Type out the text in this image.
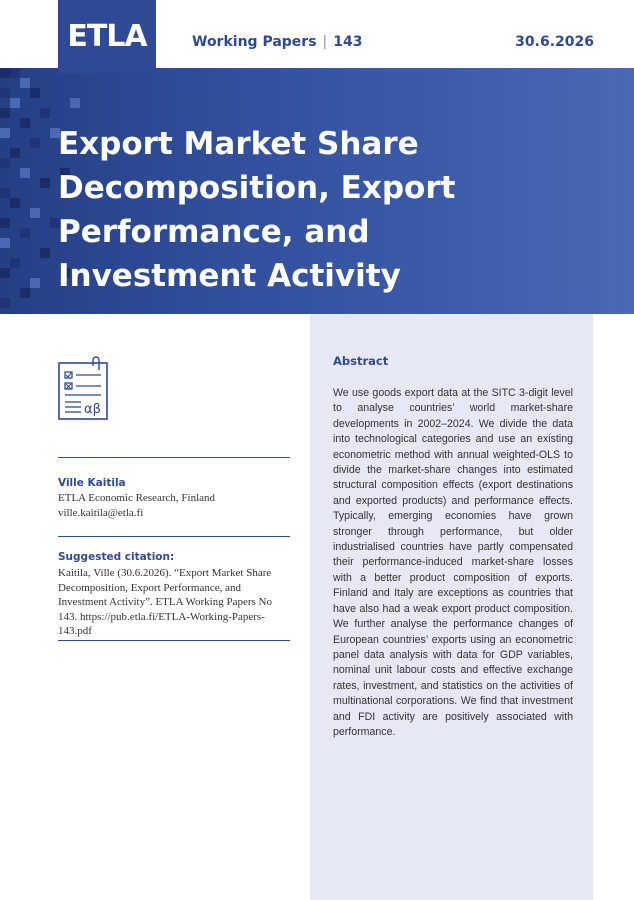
ETLA	Working Papers | 143	30.6.2026
Export Market Share Decomposition, Export Performance, and Investment Activity
Abstract

We use goods export data at the SITC 3-digit level to analyse countries’ world market-share developments in 2002–2024. We divide the data into technological categories and use an existing econometric method with annual weighted-OLS to divide the market-share changes into estimated structural composition effects (export destinations and exported products) and performance effects. Typically, emerging economies have grown stronger through performance, but older industrialised countries have partly compensated their performance-induced market-share losses with a better product composition of exports. Finland and Italy are exceptions as countries that have also had a weak export product composition. We further analyse the performance changes of European countries’ exports using an econometric panel data analysis with data for GDP variables, nominal unit labour costs and effective exchange rates, investment, and statistics on the activities of multinational corporations. We find that investment and FDI activity are positively associated with performance.

αβ
Ville Kaitila
ETLA Economic Research, Finland
ville.kaitila@etla.fi
Suggested citation:

Kaitila, Ville (30.6.2026). “Export Market Share Decomposition, Export Performance, and Investment Activity”. ETLA Working Papers No 143. https://pub.etla.fi/ETLA-Working-Papers-143.pdf
